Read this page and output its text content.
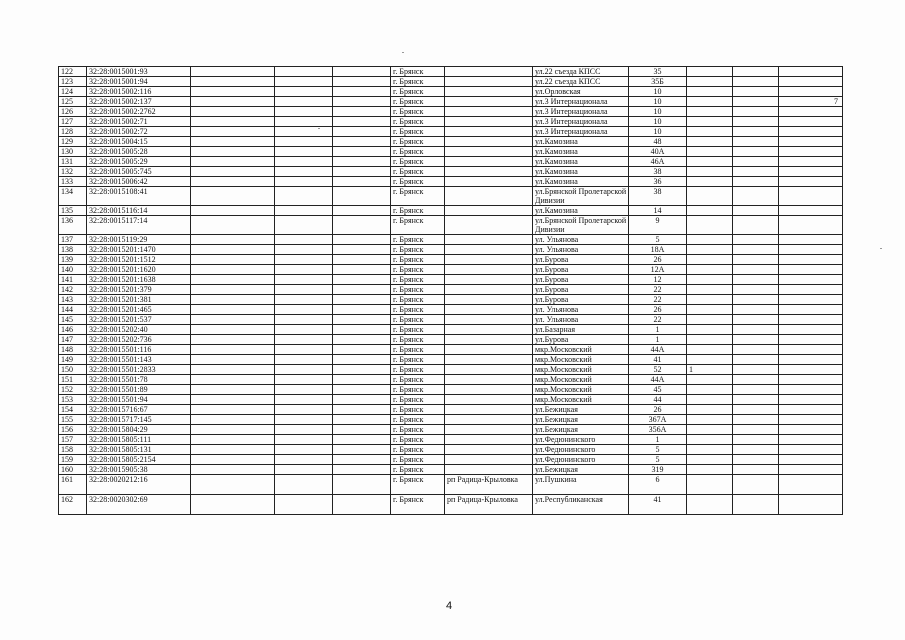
122	32:28:0015001:93				г. Брянск		ул.22 съезда КПСС	35			
123	32:28:0015001:94				г. Брянск		ул.22 съезда КПСС	35Б			
124	32:28:0015002:116				г. Брянск		ул.Орловская	10			
125	32:28:0015002:137				г. Брянск		ул.3 Интернационала	10			7
126	32:28:0015002:2762				г. Брянск		ул.3 Интернационала	10			
127	32:28:0015002:71				г. Брянск		ул.3 Интернационала	10			
128	32:28:0015002:72				г. Брянск		ул.3 Интернационала	10			
129	32:28:0015004:15				г. Брянск		ул.Камозина	48			
130	32:28:0015005:28				г. Брянск		ул.Камозина	40А			
131	32:28:0015005:29				г. Брянск		ул.Камозина	46А			
132	32:28:0015005:745				г. Брянск		ул.Камозина	38			
133	32:28:0015006:42				г. Брянск		ул.Камозина	36			
134	32:28:0015108:41				г. Брянск		ул.Брянской Пролетарской Дивизии	38			
135	32:28:0015116:14				г. Брянск		ул.Камозина	14			
136	32:28:0015117:14				г. Брянск		ул.Брянской Пролетарской Дивизии	9			
137	32:28:0015119:29				г. Брянск		ул. Ульянова	5			
138	32:28:0015201:1470				г. Брянск		ул. Ульянова	18А			
139	32:28:0015201:1512				г. Брянск		ул.Бурова	26			
140	32:28:0015201:1620				г. Брянск		ул.Бурова	12А			
141	32:28:0015201:1638				г. Брянск		ул.Бурова	12			
142	32:28:0015201:379				г. Брянск		ул.Бурова	22			
143	32:28:0015201:381				г. Брянск		ул.Бурова	22			
144	32:28:0015201:465				г. Брянск		ул. Ульянова	26			
145	32:28:0015201:537				г. Брянск		ул. Ульянова	22			
146	32:28:0015202:40				г. Брянск		ул.Базарная	1			
147	32:28:0015202:736				г. Брянск		ул.Бурова	1			
148	32:28:0015501:116				г. Брянск		мкр.Московский	44А			
149	32:28:0015501:143				г. Брянск		мкр.Московский	41			
150	32:28:0015501:2833				г. Брянск		мкр.Московский	52	1		
151	32:28:0015501:78				г. Брянск		мкр.Московский	44А			
152	32:28:0015501:89				г. Брянск		мкр.Московский	45			
153	32:28:0015501:94				г. Брянск		мкр.Московский	44			
154	32:28:0015716:67				г. Брянск		ул.Бежицкая	26			
155	32:28:0015717:145				г. Брянск		ул.Бежицкая	367А			
156	32:28:0015804:29				г. Брянск		ул.Бежицкая	356А			
157	32:28:0015805:111				г. Брянск		ул.Федюнинского	1			
158	32:28:0015805:131				г. Брянск		ул.Федюнинского	5			
159	32:28:0015805:2154				г. Брянск		ул.Федюнинского	5			
160	32:28:0015905:38				г. Брянск		ул.Бежицкая	319			
161	32:28:0020212:16				г. Брянск	рп Радица-Крыловка	ул.Пушкина	6			
162	32:28:0020302:69				г. Брянск	рп Радица-Крыловка	ул.Республиканская	41			
4
